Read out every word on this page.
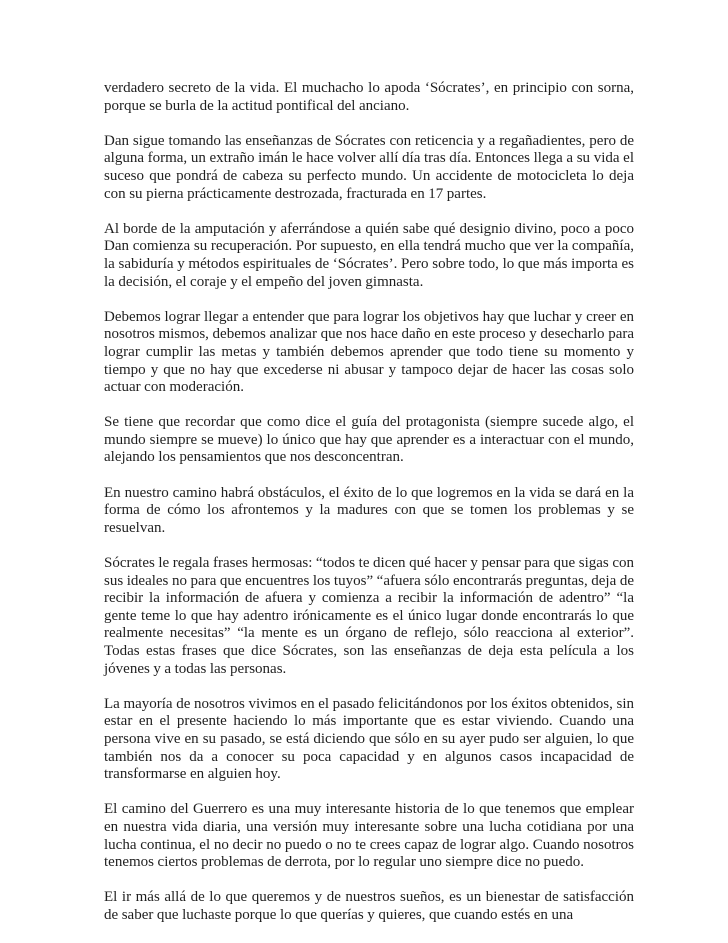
verdadero secreto de la vida. El muchacho lo apoda ‘Sócrates’, en principio con sorna, porque se burla de la actitud pontifical del anciano.

Dan sigue tomando las enseñanzas de Sócrates con reticencia y a regañadientes, pero de alguna forma, un extraño imán le hace volver allí día tras día. Entonces llega a su vida el suceso que pondrá de cabeza su perfecto mundo. Un accidente de motocicleta lo deja con su pierna prácticamente destrozada, fracturada en 17 partes.

Al borde de la amputación y aferrándose a quién sabe qué designio divino, poco a poco Dan comienza su recuperación. Por supuesto, en ella tendrá mucho que ver la compañía, la sabiduría y métodos espirituales de ‘Sócrates’. Pero sobre todo, lo que más importa es la decisión, el coraje y el empeño del joven gimnasta.

Debemos lograr llegar a entender que para lograr los objetivos hay que luchar y creer en nosotros mismos, debemos analizar que nos hace daño en este proceso y desecharlo para lograr cumplir las metas y también debemos aprender que todo tiene su momento y tiempo y que no hay que excederse ni abusar y tampoco dejar de hacer las cosas solo actuar con moderación.

Se tiene que recordar que como dice el guía del protagonista (siempre sucede algo, el mundo siempre se mueve) lo único que hay que aprender es a interactuar con el mundo, alejando los pensamientos que nos desconcentran.

En nuestro camino habrá obstáculos, el éxito de lo que logremos en la vida se dará en la forma de cómo los afrontemos y la madures con que se tomen los problemas y se resuelvan.

Sócrates le regala frases hermosas: “todos te dicen qué hacer y pensar para que sigas con sus ideales no para que encuentres los tuyos” “afuera sólo encontrarás preguntas, deja de recibir la información de afuera y comienza a recibir la información de adentro” “la gente teme lo que hay adentro irónicamente es el único lugar donde encontrarás lo que realmente necesitas” “la mente es un órgano de reflejo, sólo reacciona al exterior”. Todas estas frases que dice Sócrates, son las enseñanzas de deja esta película a los jóvenes y a todas las personas.

La mayoría de nosotros vivimos en el pasado felicitándonos por los éxitos obtenidos, sin estar en el presente haciendo lo más importante que es estar viviendo. Cuando una persona vive en su pasado, se está diciendo que sólo en su ayer pudo ser alguien, lo que también nos da a conocer su poca capacidad y en algunos casos incapacidad de transformarse en alguien hoy.

El camino del Guerrero es una muy interesante historia de lo que tenemos que emplear en nuestra vida diaria, una versión muy interesante sobre una lucha cotidiana por una lucha continua, el no decir no puedo o no te crees capaz de lograr algo. Cuando nosotros tenemos ciertos problemas de derrota, por lo regular uno siempre dice no puedo.

El ir más allá de lo que queremos y de nuestros sueños, es un bienestar de satisfacción de saber que luchaste porque lo que querías y quieres, que cuando estés en una
